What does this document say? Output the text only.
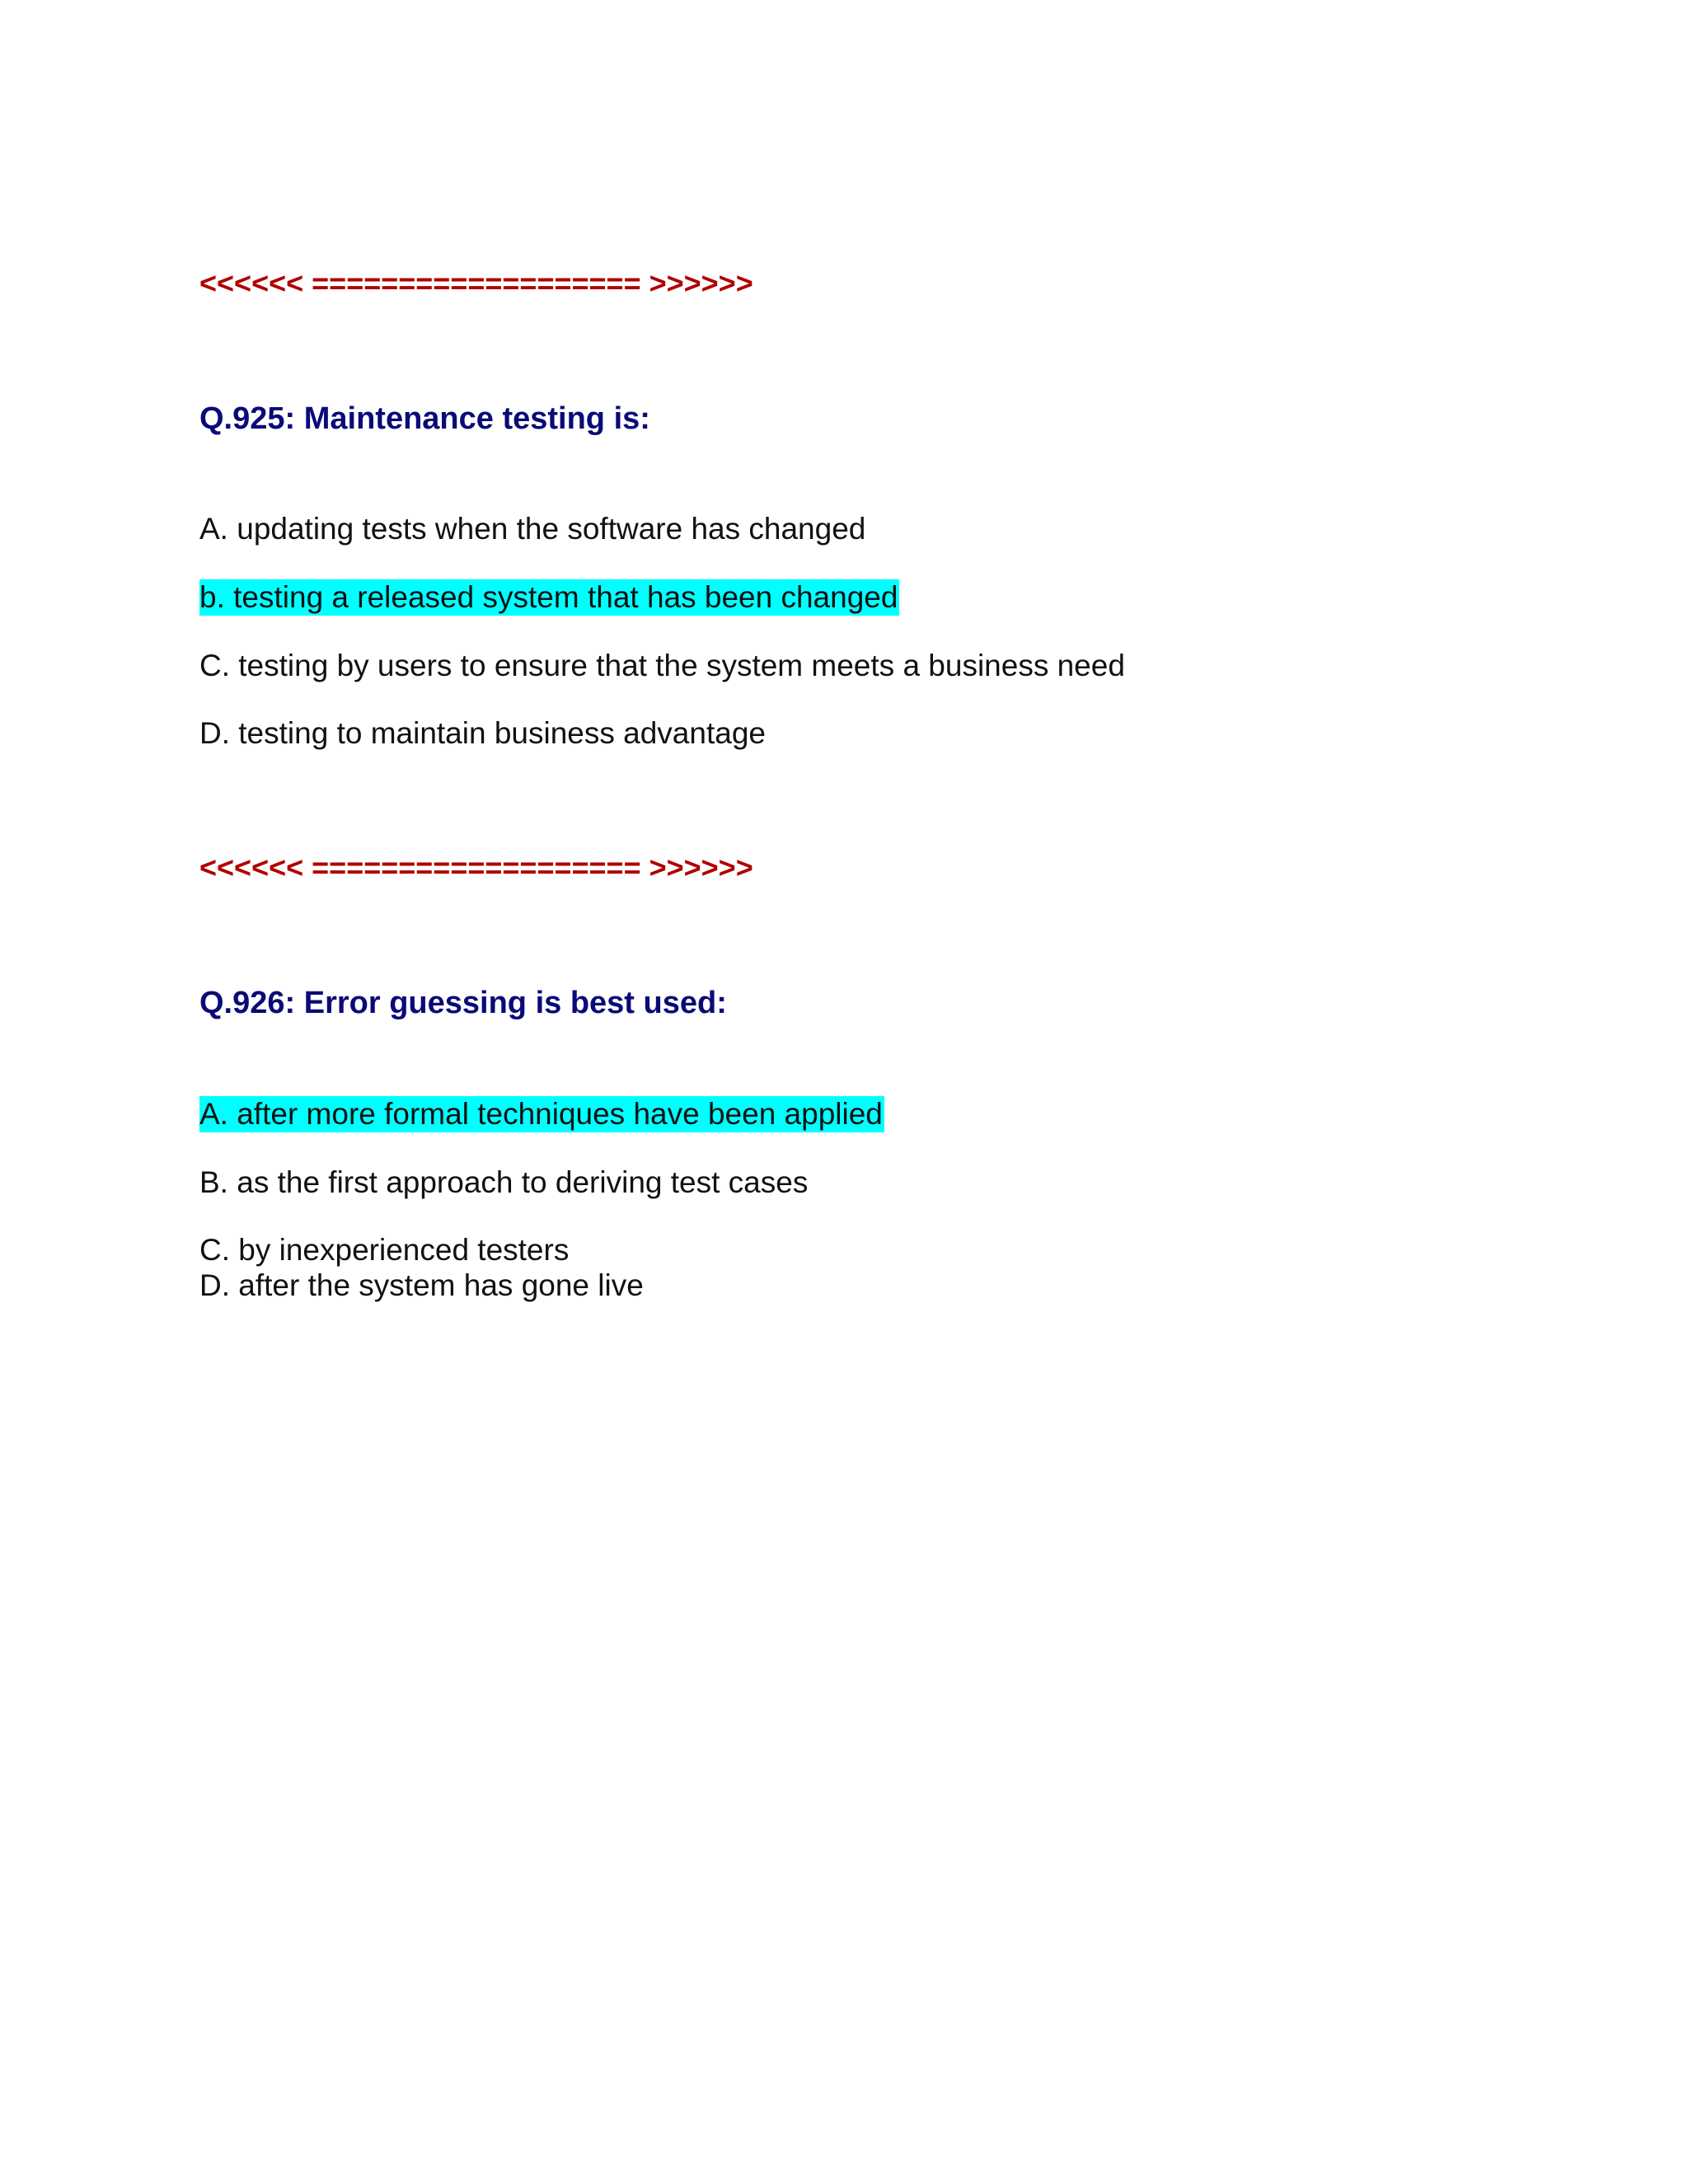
<<<<<< =================== >>>>>>
Q.925: Maintenance testing is:
A. updating tests when the software has changed
b. testing a released system that has been changed
C. testing by users to ensure that the system meets a business need
D. testing to maintain business advantage
<<<<<< =================== >>>>>>
Q.926: Error guessing is best used:
A. after more formal techniques have been applied
B. as the first approach to deriving test cases
C. by inexperienced testers
D. after the system has gone live
